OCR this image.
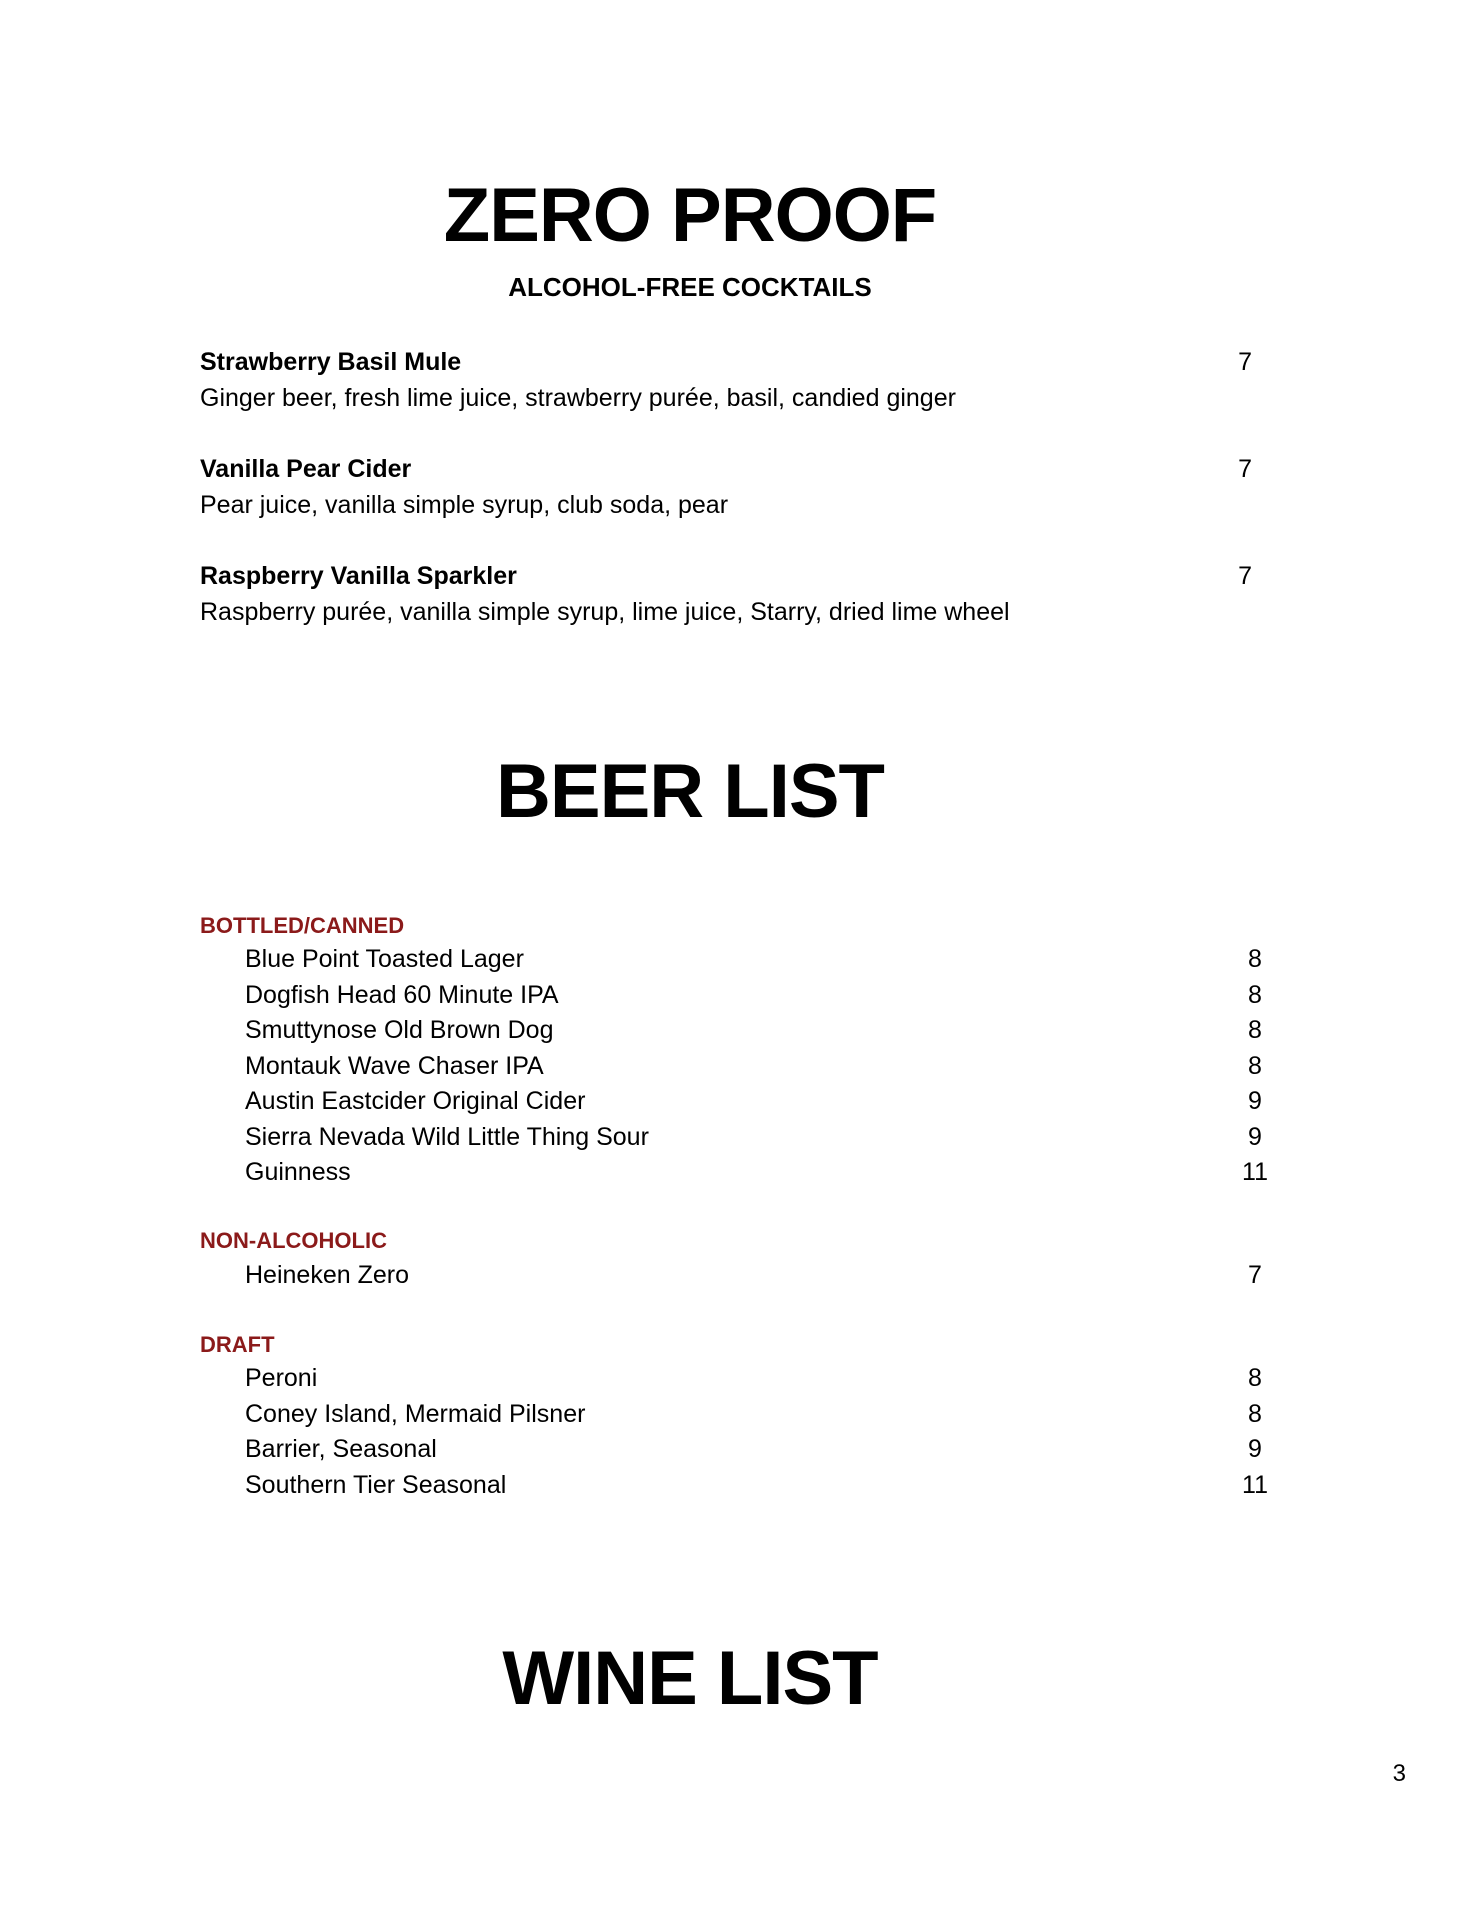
ZERO PROOF
ALCOHOL-FREE COCKTAILS
Strawberry Basil Mule	7
Ginger beer, fresh lime juice, strawberry purée, basil, candied ginger
Vanilla Pear Cider	7
Pear juice, vanilla simple syrup, club soda, pear
Raspberry Vanilla Sparkler	7
Raspberry purée, vanilla simple syrup, lime juice, Starry, dried lime wheel
BEER LIST
BOTTLED/CANNED
Blue Point Toasted Lager	8
Dogfish Head 60 Minute IPA	8
Smuttynose Old Brown Dog	8
Montauk Wave Chaser IPA	8
Austin Eastcider Original Cider	9
Sierra Nevada Wild Little Thing Sour	9
Guinness	11
NON-ALCOHOLIC
Heineken Zero	7
DRAFT
Peroni	8
Coney Island, Mermaid Pilsner	8
Barrier, Seasonal	9
Southern Tier Seasonal	11
WINE LIST
3
